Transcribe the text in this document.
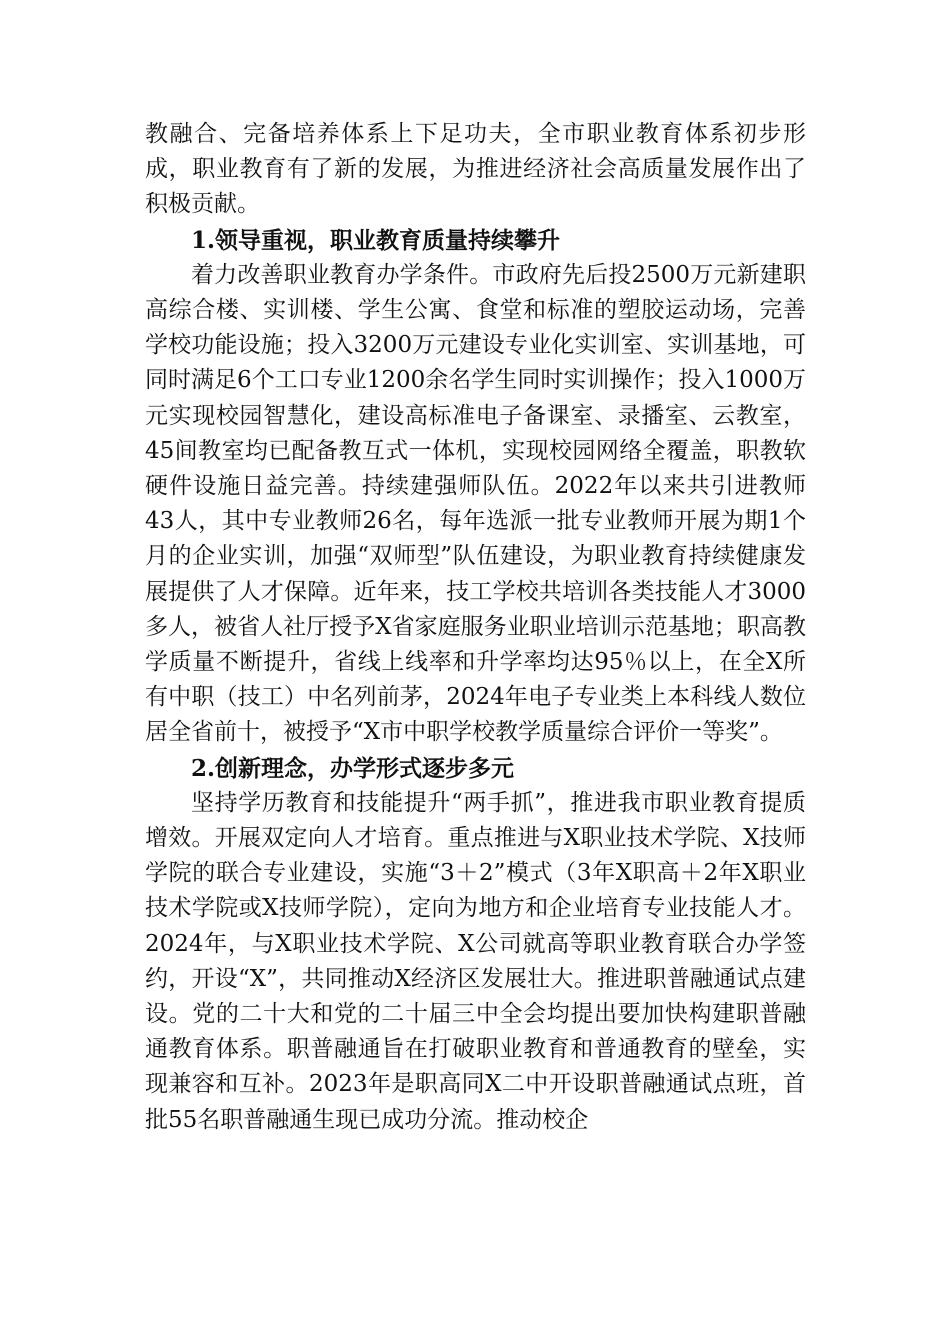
教融合、完备培养体系上下足功夫，全市职业教育体系初步形成，职业教育有了新的发展，为推进经济社会高质量发展作出了积极贡献。

1.领导重视，职业教育质量持续攀升

着力改善职业教育办学条件。市政府先后投2500万元新建职高综合楼、实训楼、学生公寓、食堂和标准的塑胶运动场，完善学校功能设施；投入3200万元建设专业化实训室、实训基地，可同时满足6个工口专业1200余名学生同时实训操作；投入1000万元实现校园智慧化，建设高标准电子备课室、录播室、云教室，45间教室均已配备教互式一体机，实现校园网络全覆盖，职教软硬件设施日益完善。持续建强师队伍。2022年以来共引进教师43人，其中专业教师26名，每年选派一批专业教师开展为期1个月的企业实训，加强“双师型”队伍建设，为职业教育持续健康发展提供了人才保障。近年来，技工学校共培训各类技能人才3000多人，被省人社厅授予X省家庭服务业职业培训示范基地；职高教学质量不断提升，省线上线率和升学率均达95％以上，在全X所有中职（技工）中名列前茅，2024年电子专业类上本科线人数位居全省前十，被授予“X市中职学校教学质量综合评价一等奖”。

2.创新理念，办学形式逐步多元

坚持学历教育和技能提升“两手抓”，推进我市职业教育提质增效。开展双定向人才培育。重点推进与X职业技术学院、X技师学院的联合专业建设，实施“3＋2”模式（3年X职高＋2年X职业技术学院或X技师学院），定向为地方和企业培育专业技能人才。2024年，与X职业技术学院、X公司就高等职业教育联合办学签约，开设“X”，共同推动X经济区发展壮大。推进职普融通试点建设。党的二十大和党的二十届三中全会均提出要加快构建职普融通教育体系。职普融通旨在打破职业教育和普通教育的壁垒，实现兼容和互补。2023年是职高同X二中开设职普融通试点班，首批55名职普融通生现已成功分流。推动校企
